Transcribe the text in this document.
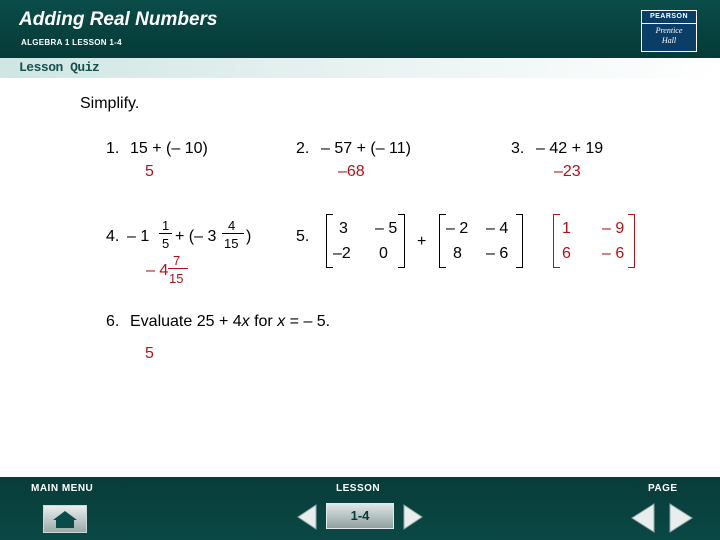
Adding Real Numbers
ALGEBRA 1 LESSON 1-4
PEARSON
Prentice
Hall
Lesson Quiz
Simplify.
1. 15 + (– 10)
5
2. – 57 + (– 11)
–68
3. – 42 + 19
–23
4. – 1
1
5 + (– 3
4
15 )
– 4
7
15
5. 3 – 5
–2 0
+
– 2 – 4
8 – 6
1 – 9
6 – 6
6. Evaluate 25 + 4x for x = – 5.
5
MAIN MENU	LESSON	PAGE
1-4
